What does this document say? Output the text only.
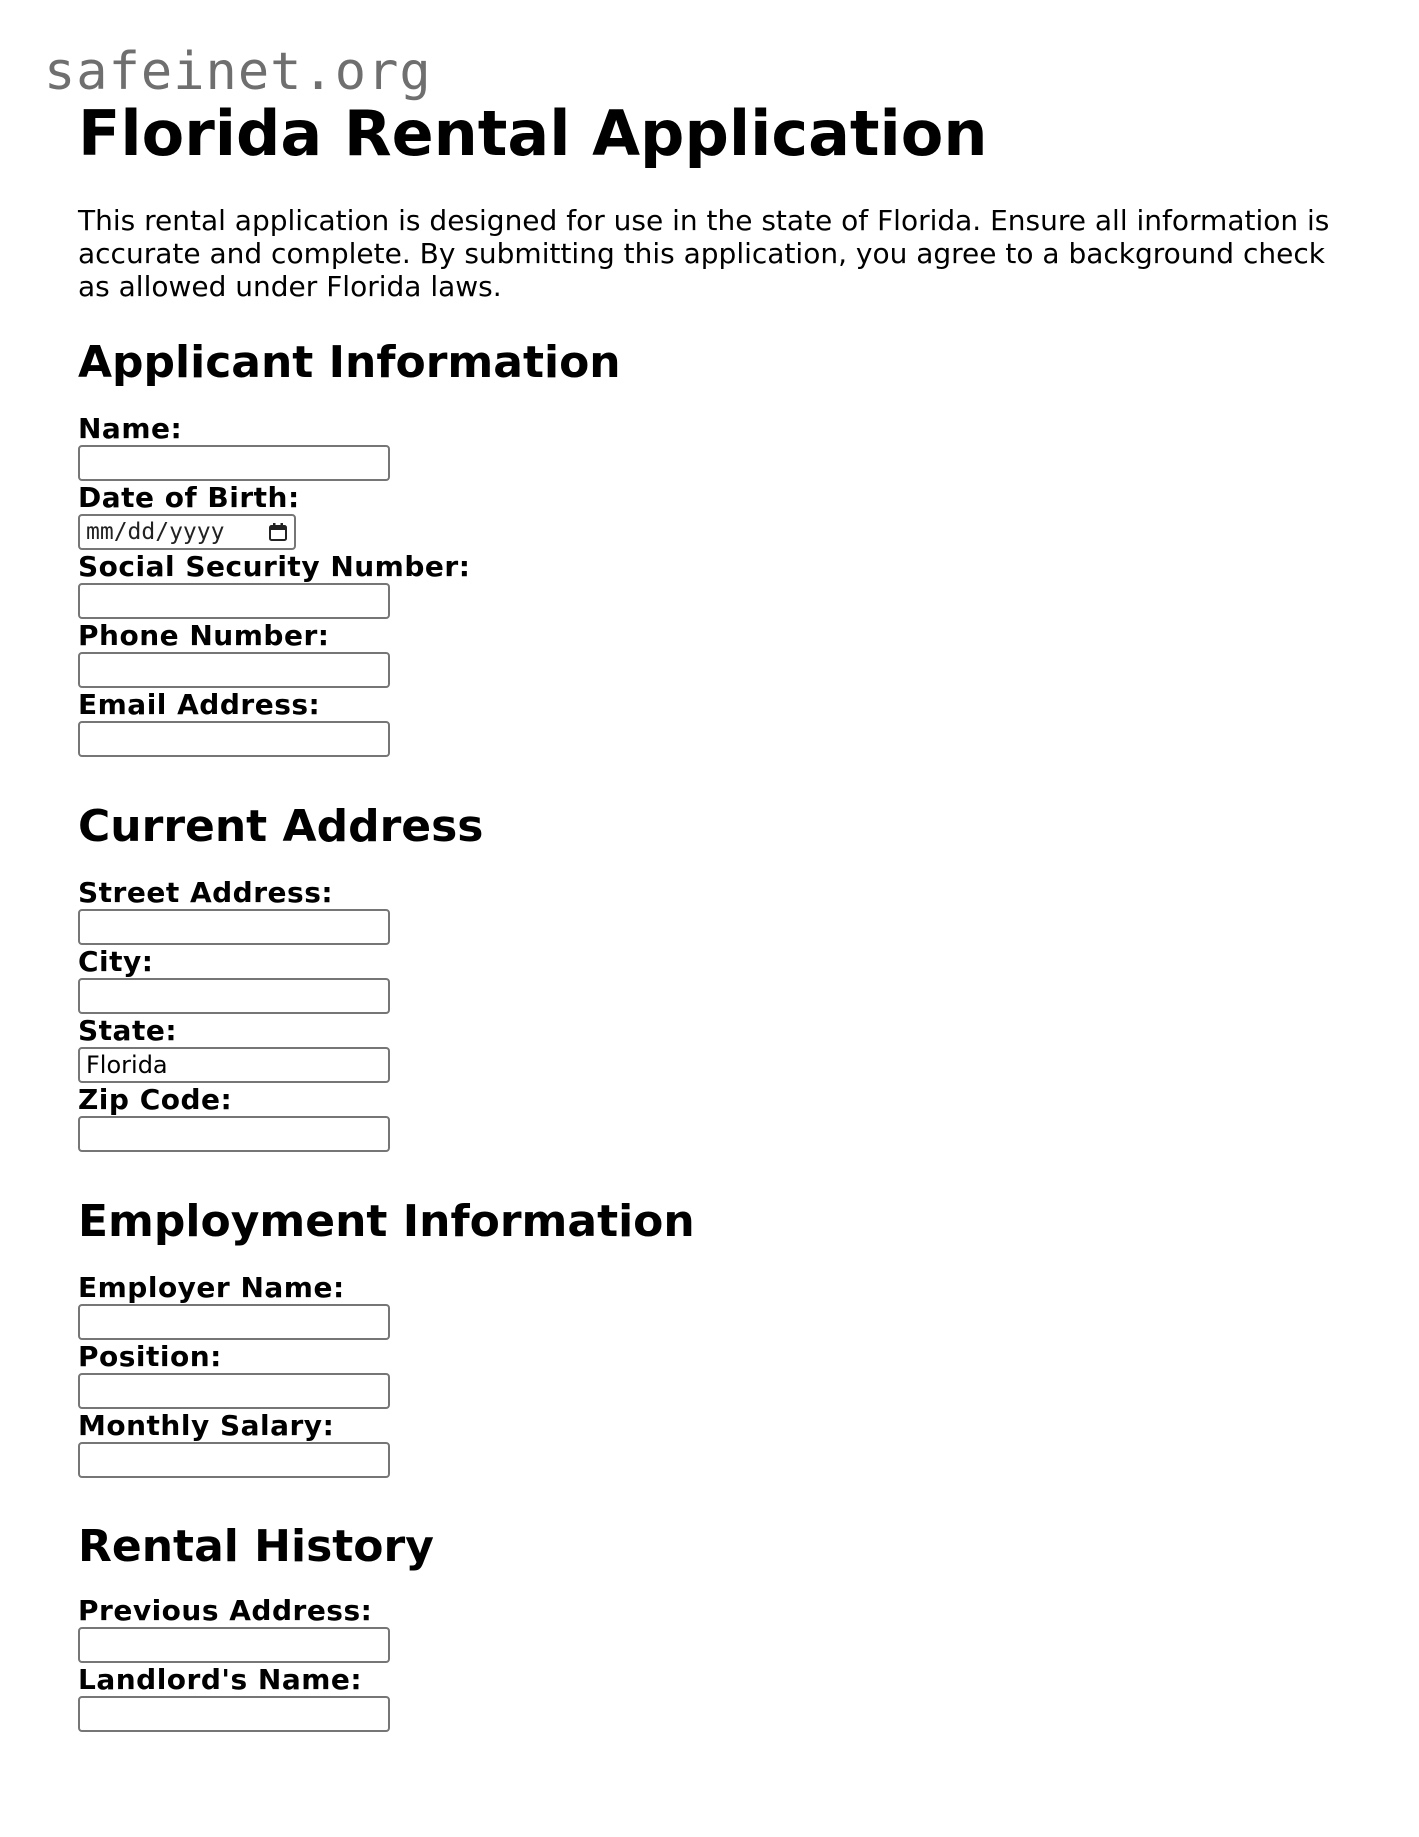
safeinet.org
Florida Rental Application

This rental application is designed for use in the state of Florida. Ensure all information is accurate and complete. By submitting this application, you agree to a background check as allowed under Florida laws.

Applicant Information
Name:
Date of Birth:
mm/dd/yyyy
Social Security Number:
Phone Number:
Email Address:
Current Address
Street Address:
City:
State:
Florida
Zip Code:
Employment Information
Employer Name:
Position:
Monthly Salary:
Rental History
Previous Address:
Landlord's Name:
